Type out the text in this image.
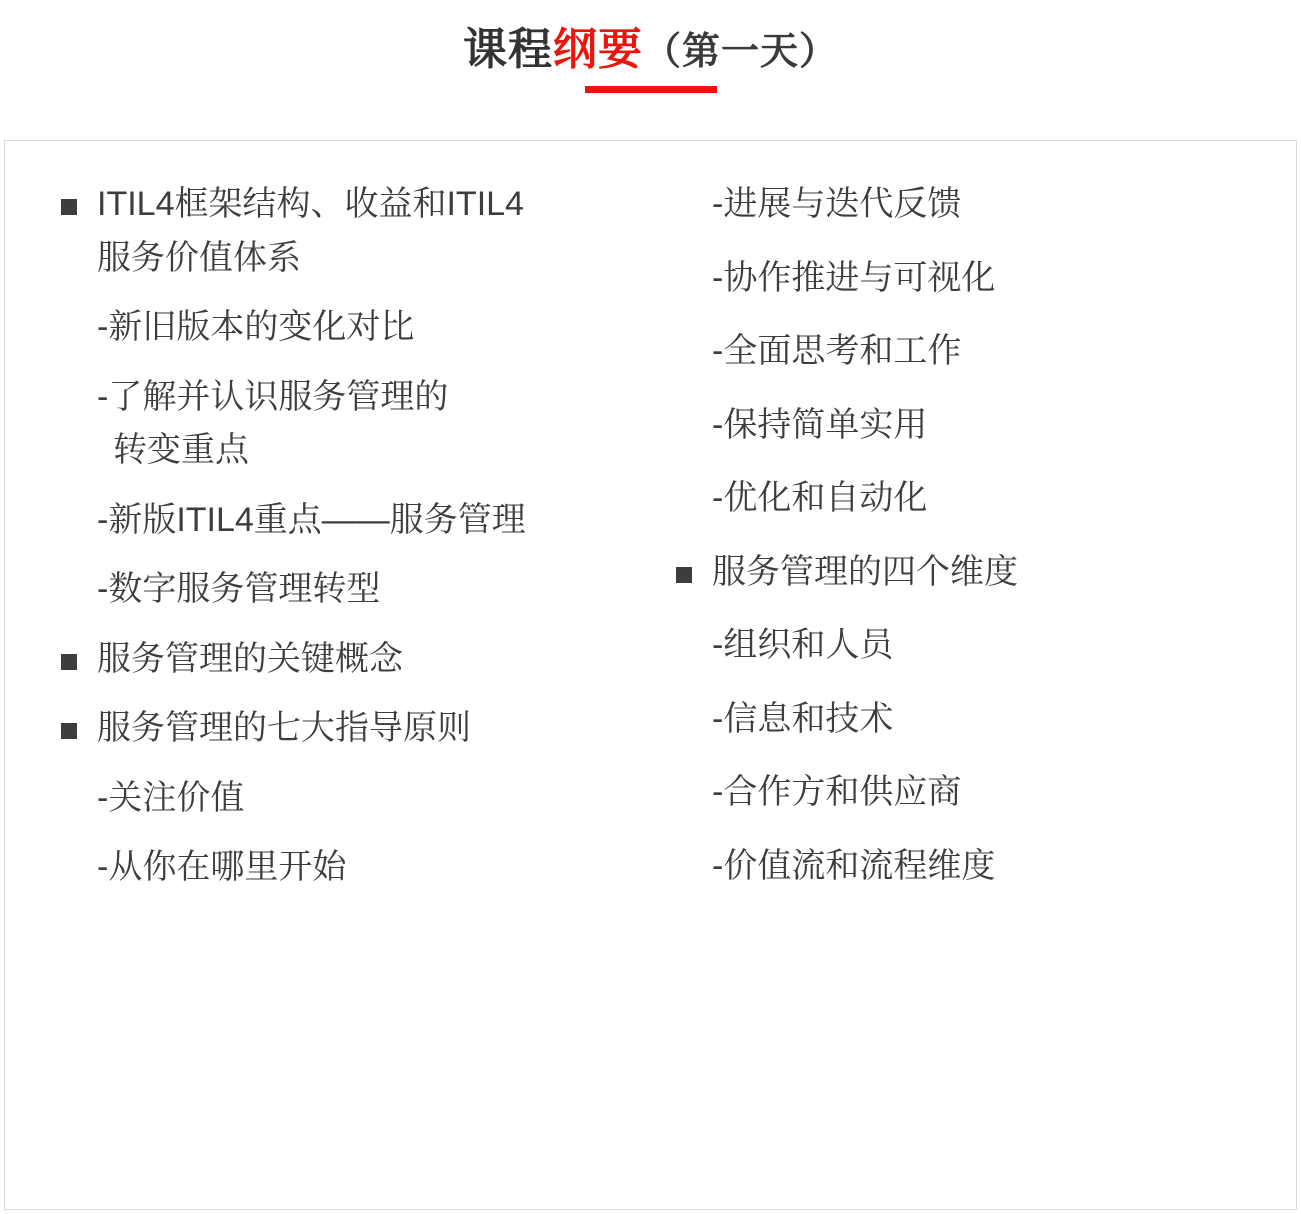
课程纲要（第一天）
ITIL4框架结构、收益和ITIL4
服务价值体系
-新旧版本的变化对比
-了解并认识服务管理的
转变重点
-新版ITIL4重点——服务管理
-数字服务管理转型
服务管理的关键概念
服务管理的七大指导原则
-关注价值
-从你在哪里开始
-进展与迭代反馈
-协作推进与可视化
-全面思考和工作
-保持简单实用
-优化和自动化
服务管理的四个维度
-组织和人员
-信息和技术
-合作方和供应商
-价值流和流程维度
